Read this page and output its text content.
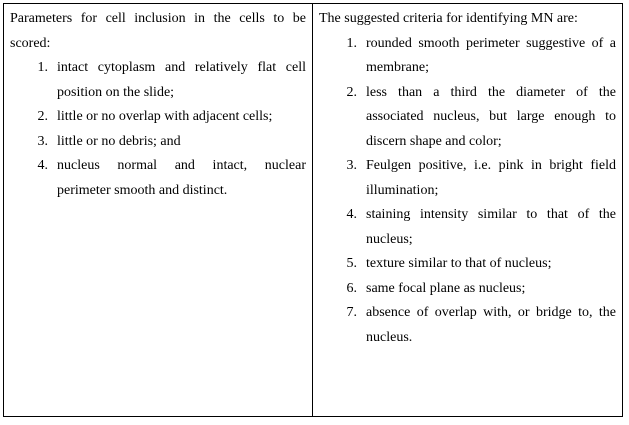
Parameters for cell inclusion in the cells to be scored:
1. intact cytoplasm and relatively flat cell position on the slide;
2. little or no overlap with adjacent cells;
3. little or no debris; and
4. nucleus normal and intact, nuclear perimeter smooth and distinct.
The suggested criteria for identifying MN are:
1. rounded smooth perimeter suggestive of a membrane;
2. less than a third the diameter of the associated nucleus, but large enough to discern shape and color;
3. Feulgen positive, i.e. pink in bright field illumination;
4. staining intensity similar to that of the nucleus;
5. texture similar to that of nucleus;
6. same focal plane as nucleus;
7. absence of overlap with, or bridge to, the nucleus.
